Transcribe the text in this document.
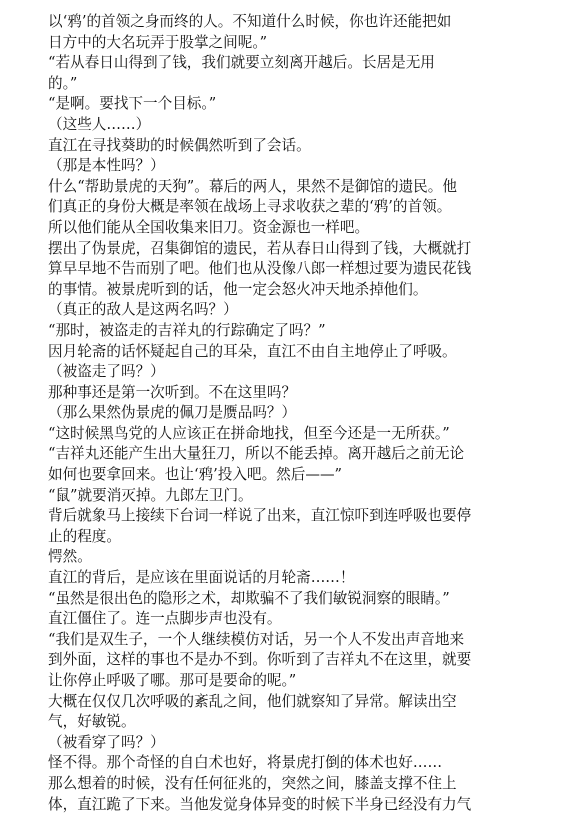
以‘鸦’的首领之身而终的人。不知道什么时候，你也许还能把如
日方中的大名玩弄于股掌之间呢。”
“若从春日山得到了钱，我们就要立刻离开越后。长居是无用
的。”
“是啊。要找下一个目标。”
（这些人……）
直江在寻找葵助的时候偶然听到了会话。
（那是本性吗？）
什么“帮助景虎的天狗”。幕后的两人，果然不是御馆的遗民。他
们真正的身份大概是率领在战场上寻求收获之辈的‘鸦’的首领。
所以他们能从全国收集来旧刀。资金源也一样吧。
摆出了伪景虎，召集御馆的遗民，若从春日山得到了钱，大概就打
算早早地不告而别了吧。他们也从没像八郎一样想过要为遗民花钱
的事情。被景虎听到的话，他一定会怒火冲天地杀掉他们。
（真正的敌人是这两名吗？）
“那时，被盗走的吉祥丸的行踪确定了吗？”
因月轮斋的话怀疑起自己的耳朵，直江不由自主地停止了呼吸。
（被盗走了吗？）
那种事还是第一次听到。不在这里吗？
（那么果然伪景虎的佩刀是赝品吗？）
“这时候黑鸟党的人应该正在拼命地找，但至今还是一无所获。”
“吉祥丸还能产生出大量狂刀，所以不能丢掉。离开越后之前无论
如何也要拿回来。也让‘鸦’投入吧。然后——”
“鼠”就要消灭掉。九郎左卫门。
背后就象马上接续下台词一样说了出来，直江惊吓到连呼吸也要停
止的程度。
愕然。
直江的背后，是应该在里面说话的月轮斋……！
“虽然是很出色的隐形之术，却欺骗不了我们敏锐洞察的眼睛。”
直江僵住了。连一点脚步声也没有。
“我们是双生子，一个人继续模仿对话，另一个人不发出声音地来
到外面，这样的事也不是办不到。你听到了吉祥丸不在这里，就要
让你停止呼吸了哪。那可是要命的呢。”
大概在仅仅几次呼吸的紊乱之间，他们就察知了异常。解读出空
气，好敏锐。
（被看穿了吗？）
怪不得。那个奇怪的自白术也好，将景虎打倒的体术也好……
那么想着的时候，没有任何征兆的，突然之间，膝盖支撑不住上
体，直江跪了下来。当他发觉身体异变的时候下半身已经没有力气
